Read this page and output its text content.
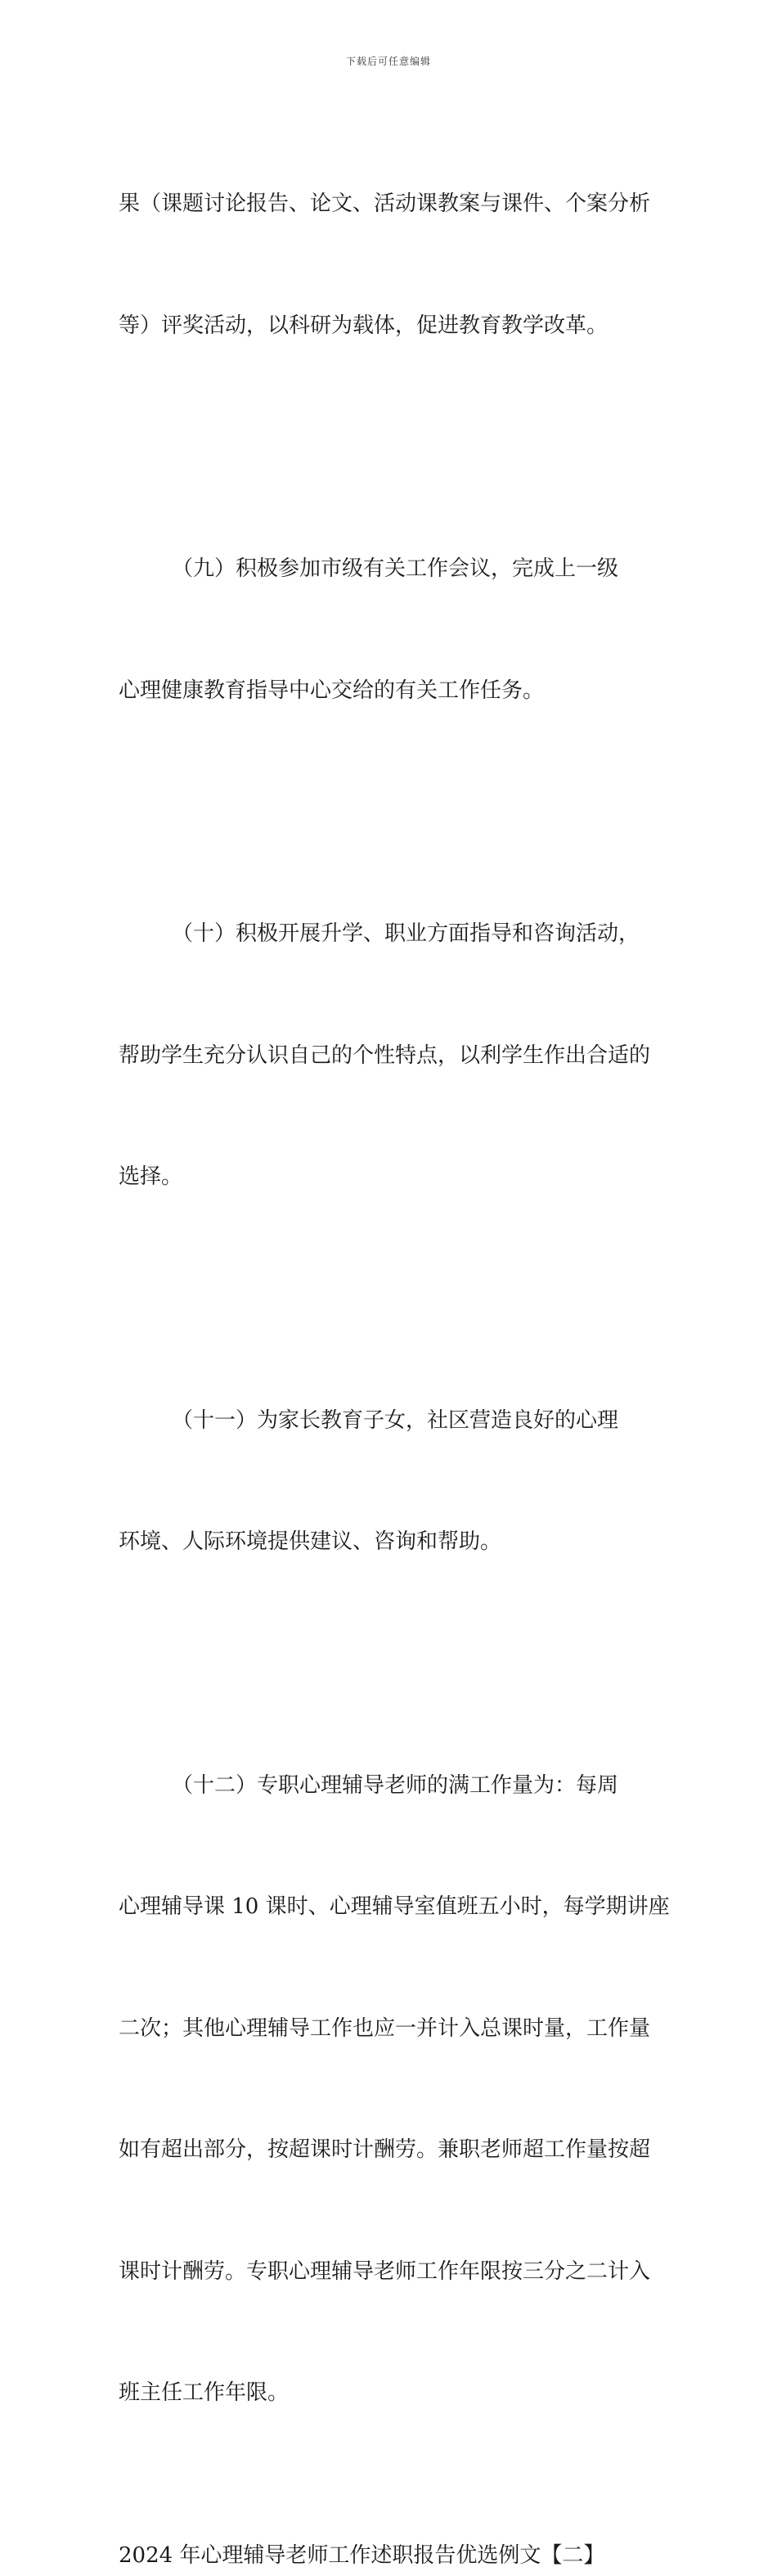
下载后可任意编辑

果（课题讨论报告、论文、活动课教案与课件、个案分析

等）评奖活动，以科研为载体，促进教育教学改革。

　　　（九）积极参加市级有关工作会议，完成上一级

心理健康教育指导中心交给的有关工作任务。

　　　（十）积极开展升学、职业方面指导和咨询活动，

帮助学生充分认识自己的个性特点，以利学生作出合适的

选择。

　　　（十一）为家长教育子女，社区营造良好的心理

环境、人际环境提供建议、咨询和帮助。

　　　（十二）专职心理辅导老师的满工作量为：每周

心理辅导课 10 课时、心理辅导室值班五小时，每学期讲座

二次；其他心理辅导工作也应一并计入总课时量，工作量

如有超出部分，按超课时计酬劳。兼职老师超工作量按超

课时计酬劳。专职心理辅导老师工作年限按三分之二计入

班主任工作年限。

2024 年心理辅导老师工作述职报告优选例文【二】
